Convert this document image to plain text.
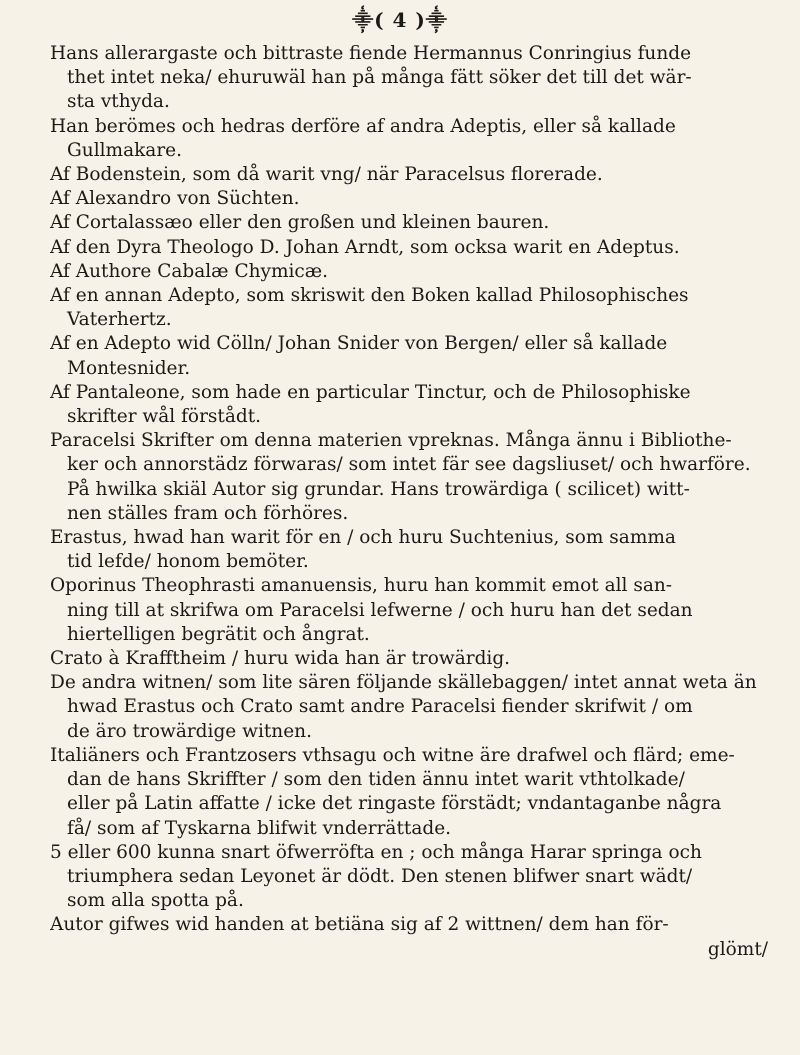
⸎( 4 )⸎
Hans allerargaste och bittraste fiende Hermannus Conringius funde
thet intet neka/ ehuruwäl han på många fätt söker det till det wär-
sta vthyda.
Han berömes och hedras derföre af andra Adeptis, eller så kallade
Gullmakare.
Af Bodenstein, som då warit vng/ när Paracelsus floreradе.
Af Alexandro von Süchten.
Af Cortalassæo eller den großen und kleinen bauren.
Af den Dyra Theologo D. Johan Arndt, som ocksa warit en Adeptus.
Af Authore Cabalæ Chymicæ.
Af en annan Adepto, som skriswit den Boken kallad Philosophisches
Vaterhertz.
Af en Adepto wid Cölln/ Johan Snider von Bergen/ eller så kallade
Montesnider.
Af Pantaleone, som hade en particular Tinctur, och de Philosophiske
skrifter wål förstådt.
Paracelsi Skrifter om denna materien vpreknas. Många ännu i Bibliothe-
ker och annorstädz förwaras/ som intet fär see dagsliuset/ och hwarföre.
På hwilka skiäl Autor sig grundar. Hans trowärdiga ( scilicet) witt-
nen ställes fram och förhöres.
Erastus, hwad han warit för en / och huru Suchtenius, som samma
tid lefde/ honom bemöter.
Oporinus Theophrasti amanuensis, huru han kommit emot all san-
ning till at skrifwa om Paracelsi lefwerne / och huru han det sedan
hiertelligen begrätit och ångrat.
Crato à Krafftheim / huru wida han är trowärdig.
De andra witnen/ som lite sären följande skällebaggen/ intet annat weta än
hwad Erastus och Crato samt andre Paracelsi fiender skrifwit / om
de äro trowärdige witnen.
Italiäners och Frantzosers vthsagu och witne äre drafwel och flärd; eme-
dan de hans Skriffter / som den tiden ännu intet warit vthtolkade/
eller på Latin affatte / icke det ringaste förstädt; vndantaganbe några
få/ som af Tyskarna blifwit vnderrättade.
5 eller 600 kunna snart öfwerröfta en ; och många Harar springa och
triumphera sedan Leyonet är dödt. Den stenen blifwer snart wädt/
som alla spotta på.
Autor gifwes wid handen at betiäna sig af 2 wittnen/ dem han för-
glömt/
